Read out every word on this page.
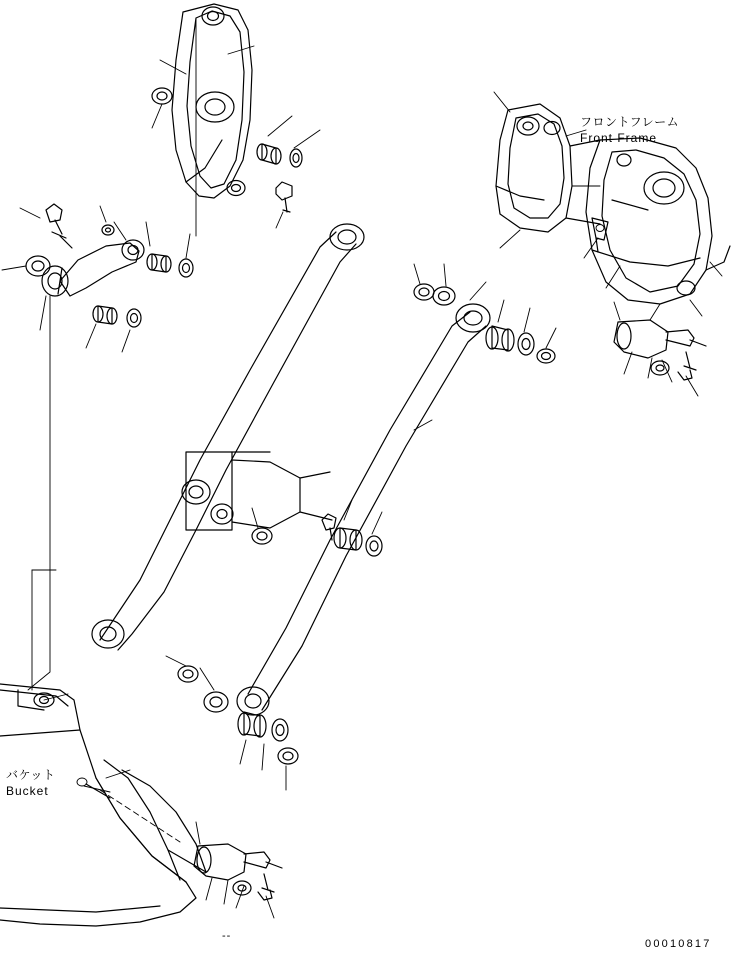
フロントフレーム
Front Frame
バケット
Bucket
--
00010817
